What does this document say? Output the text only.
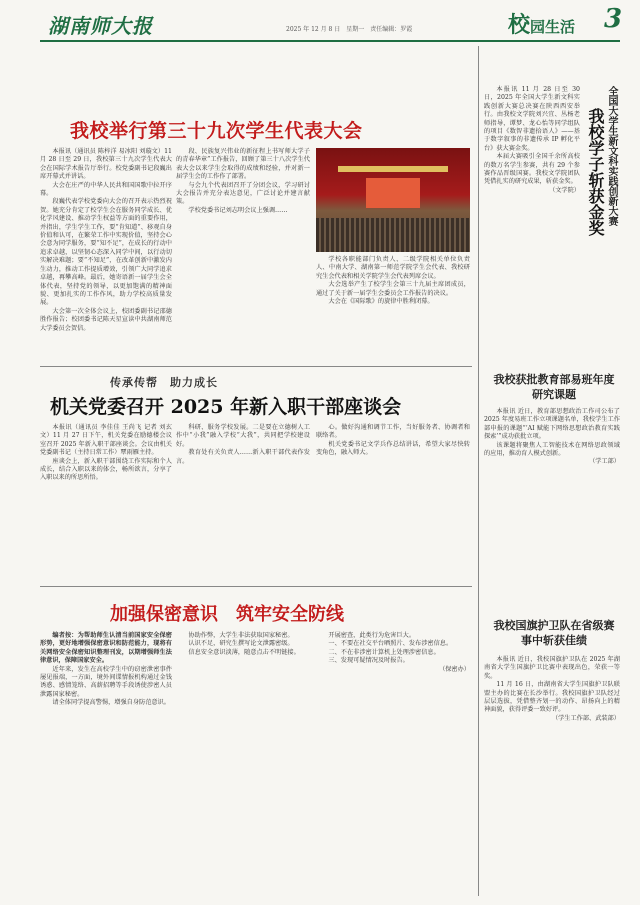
湖南师大报	2025 年 12 月 8 日　星期一　责任编辑：罗霞	校园生活 3
我校举行第三十九次学生代表大会

本报讯（通讯员 陈梓洋 易冰阳 刘璇文）11 月 28 日至 29 日，我校第三十九次学生代表大会在国际学术报告厅举行。校党委副书记段巍出席开幕式并讲话。

大会在庄严的中华人民共和国国歌中拉开序幕。

段巍代表学校党委向大会的召开表示热烈祝贺。她充分肯定了校学生会在服务同学成长、优化学风建设、推动学生权益等方面的重要作用，并指出，学生学生工作，要“肯知道”、移观自身价值和认可，在繁荣工作中实现价值，坚持会心会意为同学服务，要“知不足”，在成长的行动中追求卓越，以坚韧心态深入同学中间，以行动切实解决难题；要“不知足”，在改革创新中激发内生动力，推动工作提质增效，引领广大同学追求卓越，再攀高峰。最后，她寄语新一届学生会全体代表，坚持党的领导，以更加饱满的精神面貌、更加扎实的工作作风，助力学校高质量发展。

大会第一次全体会议上，校团委副书记邵德胜作报告；校团委书记陈天星宣读中共湖南师范大学委员会贺信。

段、民族复兴伟业的新征程上书写师大学子的青春华章”工作报告，回顾了第三十八次学生代表大会以来学生会取得的成绩和经验，并对新一届学生会的工作作了部署。

与会九个代表团召开了分团会议，学习研讨大会报告并充分表达意见，广泛讨论并建言献策。

学校党委书记刘志明会议上强调……

学校各职能部门负责人、二级学院相关单位负责人、中南大学、湖南第一师范学院学生会代表、我校研究生会代表和相关学院学生会代表列席会议。

大会选举产生了校学生会第三十九届主席团成员，通过了关于新一届学生会委员会工作报告的决议。

大会在《国际歌》的旋律中胜利闭幕。

传承传帮　助力成长
机关党委召开 2025 年新入职干部座谈会

本报讯（通讯员 李佳佳 王尚飞 记者 刘玄文）11 月 27 日下午，机关党委在励德楼会议室召开 2025 年新入职干部座谈会。会议由机关党委副书记（主持日常工作）覃雨雁主持。

座谈会上，新入职干部围绕工作实际和个人成长，结合入职以来的体会，畅所欲言，分享了入职以来的所思所悟。

科研、服务学校发展。二是要在立德树人工作中“小我”融入学校“大我”，共同把学校建设好。

教育处有关负责人……新入职干部代表作发言。

心。做好沟通和调节工作，当好服务者、协调者和联络者。

机关党委书记文学兵作总结讲话，希望大家尽快转变角色，融入师大。

加强保密意识　筑牢安全防线

编者按：为帮助师生认清当前国家安全保密形势，更好地增强保密意识和防范能力，现将有关网络安全保密知识整理刊发，以期增强师生法律意识，保障国家安全。

近年来，发生在高校学生中的窃密泄密事件屡见报端，一方面，境外间谍情报机构通过金钱诱惑、感情笼络、高薪招聘等手段诱使涉密人员泄露国家秘密。

请全体同学提高警惕，增强自身防范意识。

协助作弊，大学生非法获取国家秘密。

认识不足，研究生撰写论文泄露密级。

信息安全意识淡薄，随意点击不明链接。

开展密查，此类行为危害巨大。

一、不要在社交平台晒照片、发布涉密信息。

二、不在非涉密计算机上处理涉密信息。

三、发现可疑情况及时报告。

（保密办）

全国大学生新文科实践创新大赛
我校学子斩获金奖

本报讯 11 月 28 日至 30 日，2025 年全国大学生新文科实践创新大赛总决赛在陕西西安举行。由我校文学院刘兴宜、丛杨老师指导，谭梦、龙心怡等同学组队的项目《数智非遗拾语人》——基于数字叙事的非遗传承 IP 孵化平台》获大赛金奖。

本届大赛吸引全国千余所高校的数万名学生参赛，共有 29 个参赛作品晋级国赛。我校文学院团队凭借扎实的研究成果，斩获金奖。

（文学院）

我校获批教育部易班年度研究课题

本报讯 近日，教育部思想政治工作司公布了 2025 年度易班工作立项课题名单，我校学生工作部申报的课题“‘AI 赋能下网络思想政治教育实践探索’”成功获批立项。

该课题将聚焦人工智能技术在网络思政领域的应用，推动育人模式创新。

（学工部）

我校国旗护卫队在省级赛事中斩获佳绩

本报讯 近日，我校国旗护卫队在 2025 年湖南省大学生国旗护卫比赛中表现出色，荣获一等奖。

11 月 16 日，由湖南省大学生国旗护卫队联盟主办的比赛在长沙举行。我校国旗护卫队经过层层选拔，凭借整齐划一的动作、昂扬向上的精神面貌，获得评委一致好评。

（学生工作部、武装部）
